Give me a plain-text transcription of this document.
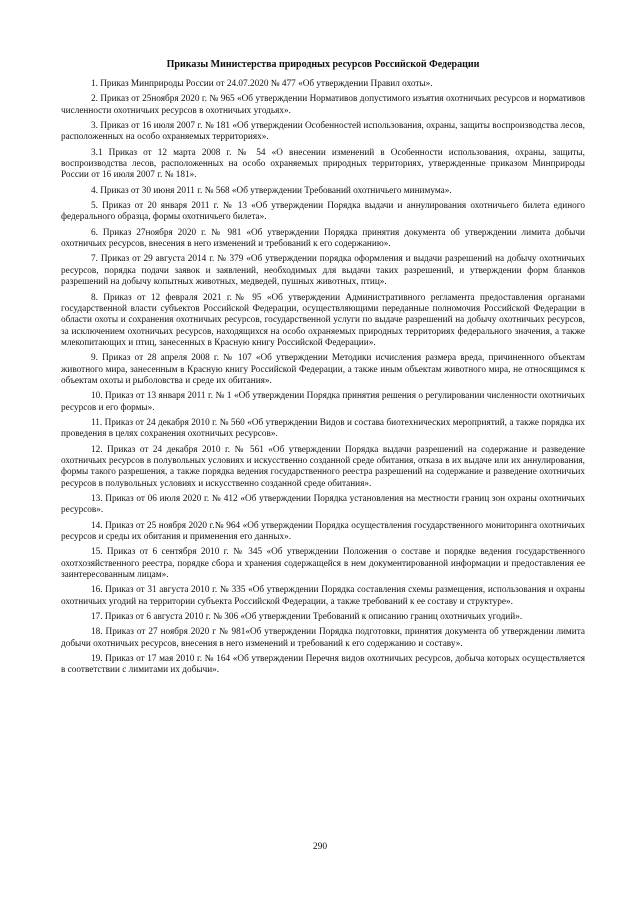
Приказы Министерства природных ресурсов Российской Федерации

1. Приказ Минприроды России от 24.07.2020 № 477 «Об утверждении Правил охоты».

2. Приказ от 25ноября 2020 г. № 965 «Об утверждении Нормативов допустимого изъятия охотничьих ресурсов и нормативов численности охотничьих ресурсов в охотничьих угодьях».

3. Приказ от 16 июля 2007 г. № 181 «Об утверждении Особенностей использования, охраны, защиты воспроизводства лесов, расположенных на особо охраняемых территориях».

3.1 Приказ от 12 марта 2008 г. № 54 «О внесении изменений в Особенности использования, охраны, защиты, воспроизводства лесов, расположенных на особо охраняемых природных территориях, утвержденные приказом Минприроды России от 16 июля 2007 г. № 181».

4. Приказ от 30 июня 2011 г. № 568 «Об утверждении Требований охотничьего минимума».

5. Приказ от 20 января 2011 г. № 13 «Об утверждении Порядка выдачи и аннулирования охотничьего билета единого федерального образца, формы охотничьего билета».

6. Приказ 27ноября 2020 г. № 981 «Об утверждении Порядка принятия документа об утверждении лимита добычи охотничьих ресурсов, внесения в него изменений и требований к его содержанию».

7. Приказ от 29 августа 2014 г. № 379 «Об утверждении порядка оформления и выдачи разрешений на добычу охотничьих ресурсов, порядка подачи заявок и заявлений, необходимых для выдачи таких разрешений, и утверждении форм бланков разрешений на добычу копытных животных, медведей, пушных животных, птиц».

8. Приказ от 12 февраля 2021 г.№ 95 «Об утверждении Административного регламента предоставления органами государственной власти субъектов Российской Федерации, осуществляющими переданные полномочия Российской Федерации в области охоты и сохранения охотничьих ресурсов, государственной услуги по выдаче разрешений на добычу охотничьих ресурсов, за исключением охотничьих ресурсов, находящихся на особо охраняемых природных территориях федерального значения, а также млекопитающих и птиц, занесенных в Красную книгу Российской Федерации».

9. Приказ от 28 апреля 2008 г. № 107 «Об утверждении Методики исчисления размера вреда, причиненного объектам животного мира, занесенным в Красную книгу Российской Федерации, а также иным объектам животного мира, не относящимся к объектам охоты и рыболовства и среде их обитания».

10. Приказ от 13 января 2011 г. № 1 «Об утверждении Порядка принятия решения о регулировании численности охотничьих ресурсов и его формы».

11. Приказ от 24 декабря 2010 г. № 560 «Об утверждении Видов и состава биотехнических мероприятий, а также порядка их проведения в целях сохранения охотничьих ресурсов».

12. Приказ от 24 декабря 2010 г. № 561 «Об утверждении Порядка выдачи разрешений на содержание и разведение охотничьих ресурсов в полувольных условиях и искусственно созданной среде обитания, отказа в их выдаче или их аннулирования, формы такого разрешения, а также порядка ведения государственного реестра разрешений на содержание и разведение охотничьих ресурсов в полувольных условиях и искусственно созданной среде обитания».

13. Приказ от 06 июля 2020 г. № 412 «Об утверждении Порядка установления на местности границ зон охраны охотничьих ресурсов».

14. Приказ от 25 ноября 2020 г.№ 964 «Об утверждении Порядка осуществления государственного мониторинга охотничьих ресурсов и среды их обитания и применения его данных».

15. Приказ от 6 сентября 2010 г. № 345 «Об утверждении Положения о составе и порядке ведения государственного охотхозяйственного реестра, порядке сбора и хранения содержащейся в нем документированной информации и предоставления ее заинтересованным лицам».

16. Приказ от 31 августа 2010 г. № 335 «Об утверждении Порядка составления схемы размещения, использования и охраны охотничьих угодий на территории субъекта Российской Федерации, а также требований к ее составу и структуре».

17. Приказ от 6 августа 2010 г. № 306 «Об утверждении Требований к описанию границ охотничьих угодий».

18. Приказ от 27 ноября 2020 г № 981«Об утверждении Порядка подготовки, принятия документа об утверждении лимита добычи охотничьих ресурсов, внесения в него изменений и требований к его содержанию и составу».

19. Приказ от 17 мая 2010 г. № 164 «Об утверждении Перечня видов охотничьих ресурсов, добыча которых осуществляется в соответствии с лимитами их добычи».

290
